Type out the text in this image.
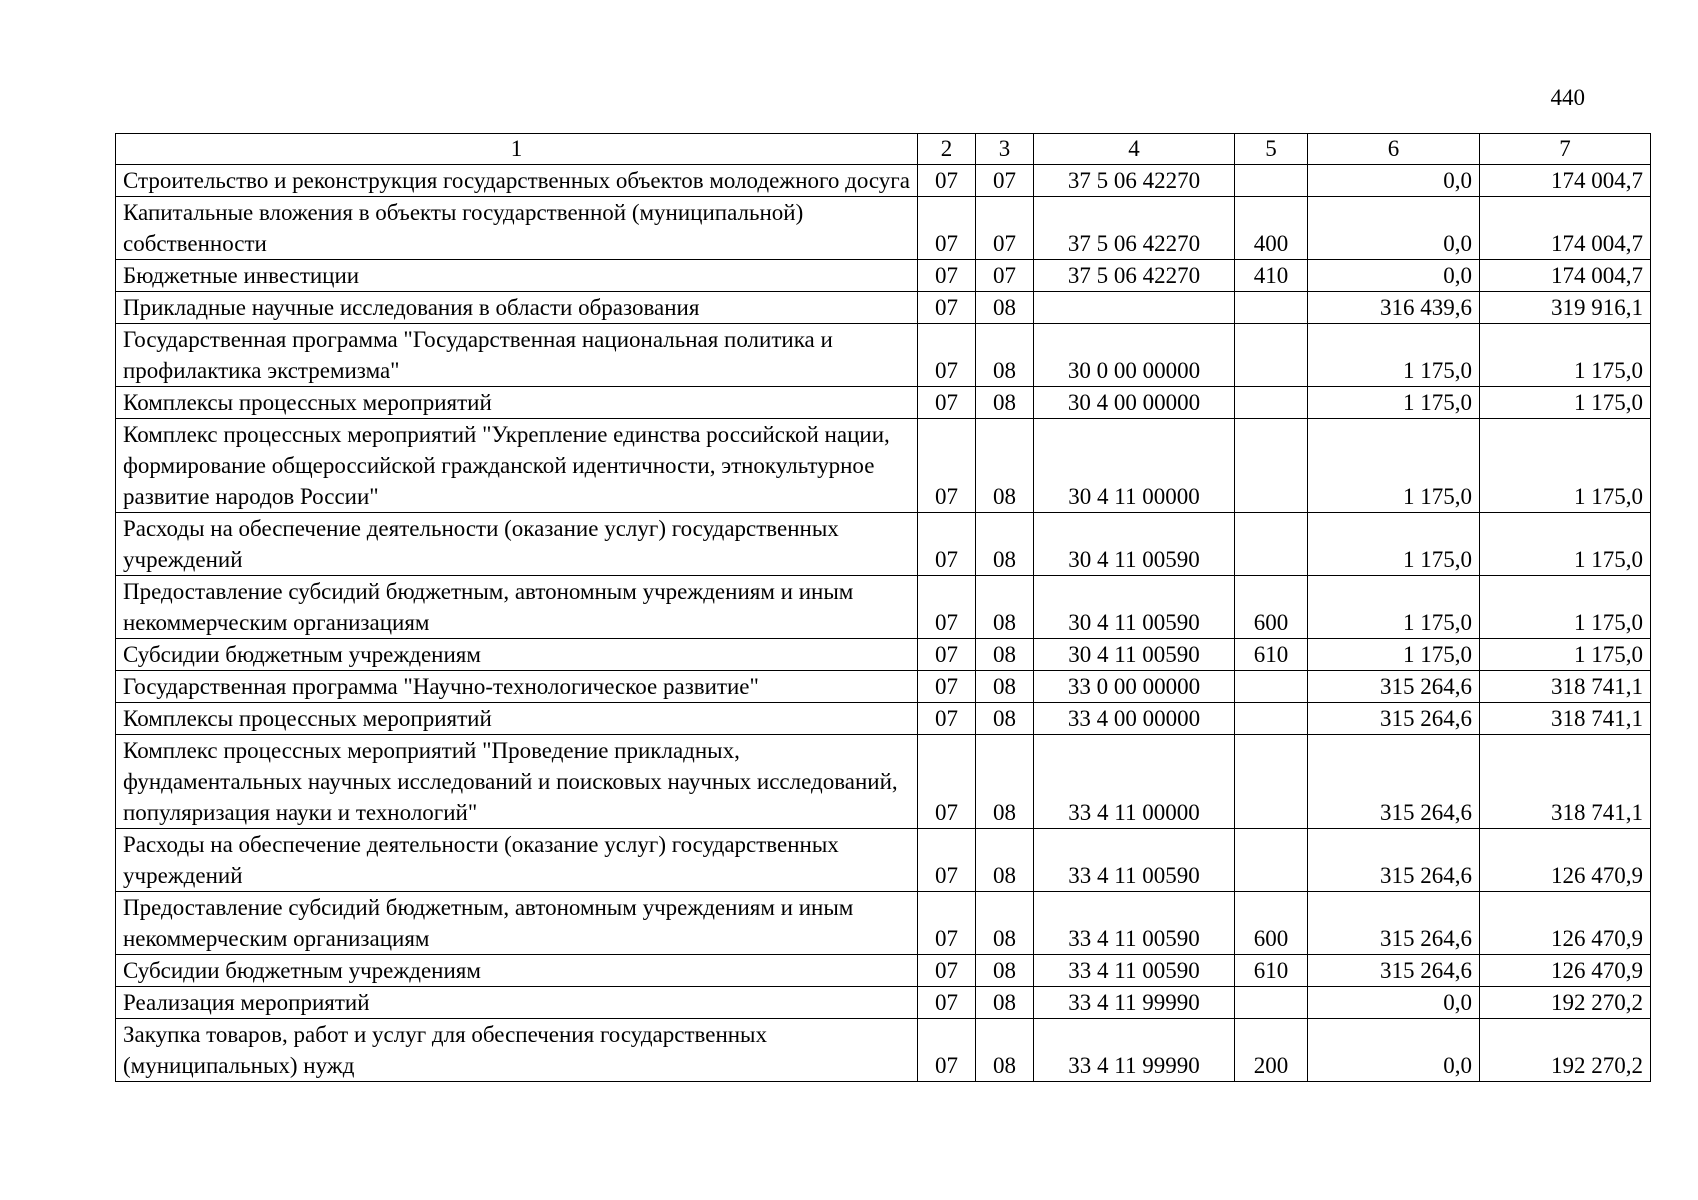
440
1	2	3	4	5	6	7
Строительство и реконструкция государственных объектов молодежного досуга	07	07	37 5 06 42270		0,0	174 004,7
Капитальные вложения в объекты государственной (муниципальной) собственности	07	07	37 5 06 42270	400	0,0	174 004,7
Бюджетные инвестиции	07	07	37 5 06 42270	410	0,0	174 004,7
Прикладные научные исследования в области образования	07	08			316 439,6	319 916,1
Государственная программа "Государственная национальная политика и профилактика экстремизма"	07	08	30 0 00 00000		1 175,0	1 175,0
Комплексы процессных мероприятий	07	08	30 4 00 00000		1 175,0	1 175,0
Комплекс процессных мероприятий "Укрепление единства российской нации, формирование общероссийской гражданской идентичности, этнокультурное развитие народов России"	07	08	30 4 11 00000		1 175,0	1 175,0
Расходы на обеспечение деятельности (оказание услуг) государственных учреждений	07	08	30 4 11 00590		1 175,0	1 175,0
Предоставление субсидий бюджетным, автономным учреждениям и иным некоммерческим организациям	07	08	30 4 11 00590	600	1 175,0	1 175,0
Субсидии бюджетным учреждениям	07	08	30 4 11 00590	610	1 175,0	1 175,0
Государственная программа "Научно-технологическое развитие"	07	08	33 0 00 00000		315 264,6	318 741,1
Комплексы процессных мероприятий	07	08	33 4 00 00000		315 264,6	318 741,1
Комплекс процессных мероприятий "Проведение прикладных, фундаментальных научных исследований и поисковых научных исследований, популяризация науки и технологий"	07	08	33 4 11 00000		315 264,6	318 741,1
Расходы на обеспечение деятельности (оказание услуг) государственных учреждений	07	08	33 4 11 00590		315 264,6	126 470,9
Предоставление субсидий бюджетным, автономным учреждениям и иным некоммерческим организациям	07	08	33 4 11 00590	600	315 264,6	126 470,9
Субсидии бюджетным учреждениям	07	08	33 4 11 00590	610	315 264,6	126 470,9
Реализация мероприятий	07	08	33 4 11 99990		0,0	192 270,2
Закупка товаров, работ и услуг для обеспечения государственных (муниципальных) нужд	07	08	33 4 11 99990	200	0,0	192 270,2
